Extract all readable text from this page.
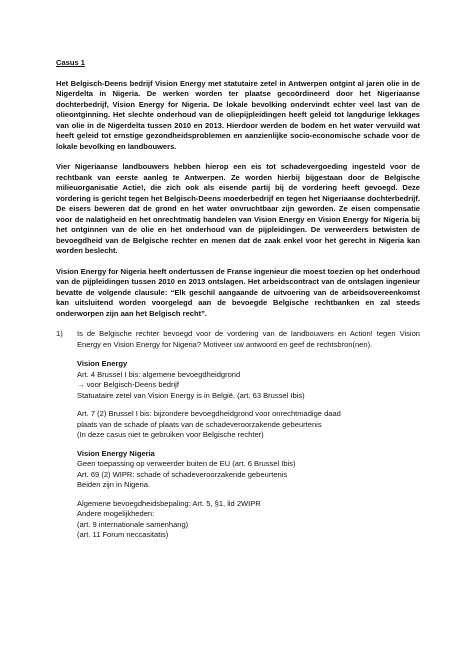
Casus 1

Het Belgisch-Deens bedrijf Vision Energy met statutaire zetel in Antwerpen ontgint al jaren olie in de Nigerdelta in Nigeria. De werken worden ter plaatse gecoördineerd door het Nigeriaanse dochterbedrijf, Vision Energy for Nigeria. De lokale bevolking ondervindt echter veel last van de olieontginning. Het slechte onderhoud van de oliepijpleidingen heeft geleid tot langdurige lekkages van olie in de Nigerdelta tussen 2010 en 2013. Hierdoor werden de bodem en het water vervuild wat heeft geleid tot ernstige gezondheidsproblemen en aanzienlijke socio-economische schade voor de lokale bevolking en landbouwers.

Vier Nigeriaanse landbouwers hebben hierop een eis tot schadevergoeding ingesteld voor de rechtbank van eerste aanleg te Antwerpen. Ze worden hierbij bijgestaan door de Belgische milieuorganisatie Actie!, die zich ook als eisende partij bij de vordering heeft gevoegd. Deze vordering is gericht tegen het Belgisch-Deens moederbedrijf en tegen het Nigeriaanse dochterbedrijf. De eisers beweren dat de grond en het water onvruchtbaar zijn geworden. Ze eisen compensatie voor de nalatigheid en het onrechtmatig handelen van Vision Energy en Vision Energy for Nigeria bij het ontginnen van de olie en het onderhoud van de pijpleidingen. De verweerders betwisten de bevoegdheid van de Belgische rechter en menen dat de zaak enkel voor het gerecht in Nigeria kan worden beslecht.

Vision Energy for Nigeria heeft ondertussen de Franse ingenieur die moest toezien op het onderhoud van de pijpleidingen tussen 2010 en 2013 ontslagen. Het arbeidscontract van de ontslagen ingenieur bevatte de volgende clausule: “Elk geschil aangaande de uitvoering van de arbeidsovereenkomst kan uitsluitend worden voorgelegd aan de bevoegde Belgische rechtbanken en zal steeds onderworpen zijn aan het Belgisch recht”.

1)	Is de Belgische rechter bevoegd voor de vordering van de landbouwers en Action! tegen Vision Energy en Vision Energy for Nigeria? Motiveer uw antwoord en geef de rechtsbron(nen).
Vision Energy
Art. 4 Brussel I bis: algemene bevoegdheidgrond
→ voor Belgisch-Deens bedrijf
Statuataire zetel van Vision Energy is in België. (art. 63 Brussel Ibis)
Art. 7 (2) Brussel I bis: bijzondere bevoegdheidgrond voor onrechtmadige daad
plaats van de schade of plaats van de schadeveroorzakende gebeurtenis
(In deze casus niet te gebruiken voor Belgische rechter)
Vision Energy Nigeria
Geen toepassing op verweerder buiten de EU (art. 6 Brussel Ibis)
Art. 69 (2) WIPR: schade of schadeveroorzakende gebeurtenis
Beiden zijn in Nigeria.
Algemene bevoegdheidsbepaling: Art. 5, §1, lid 2WIPR
Andere mogelijkheden:
(art. 9 internationale samenhang)
(art. 11 Forum neccasitatis)
